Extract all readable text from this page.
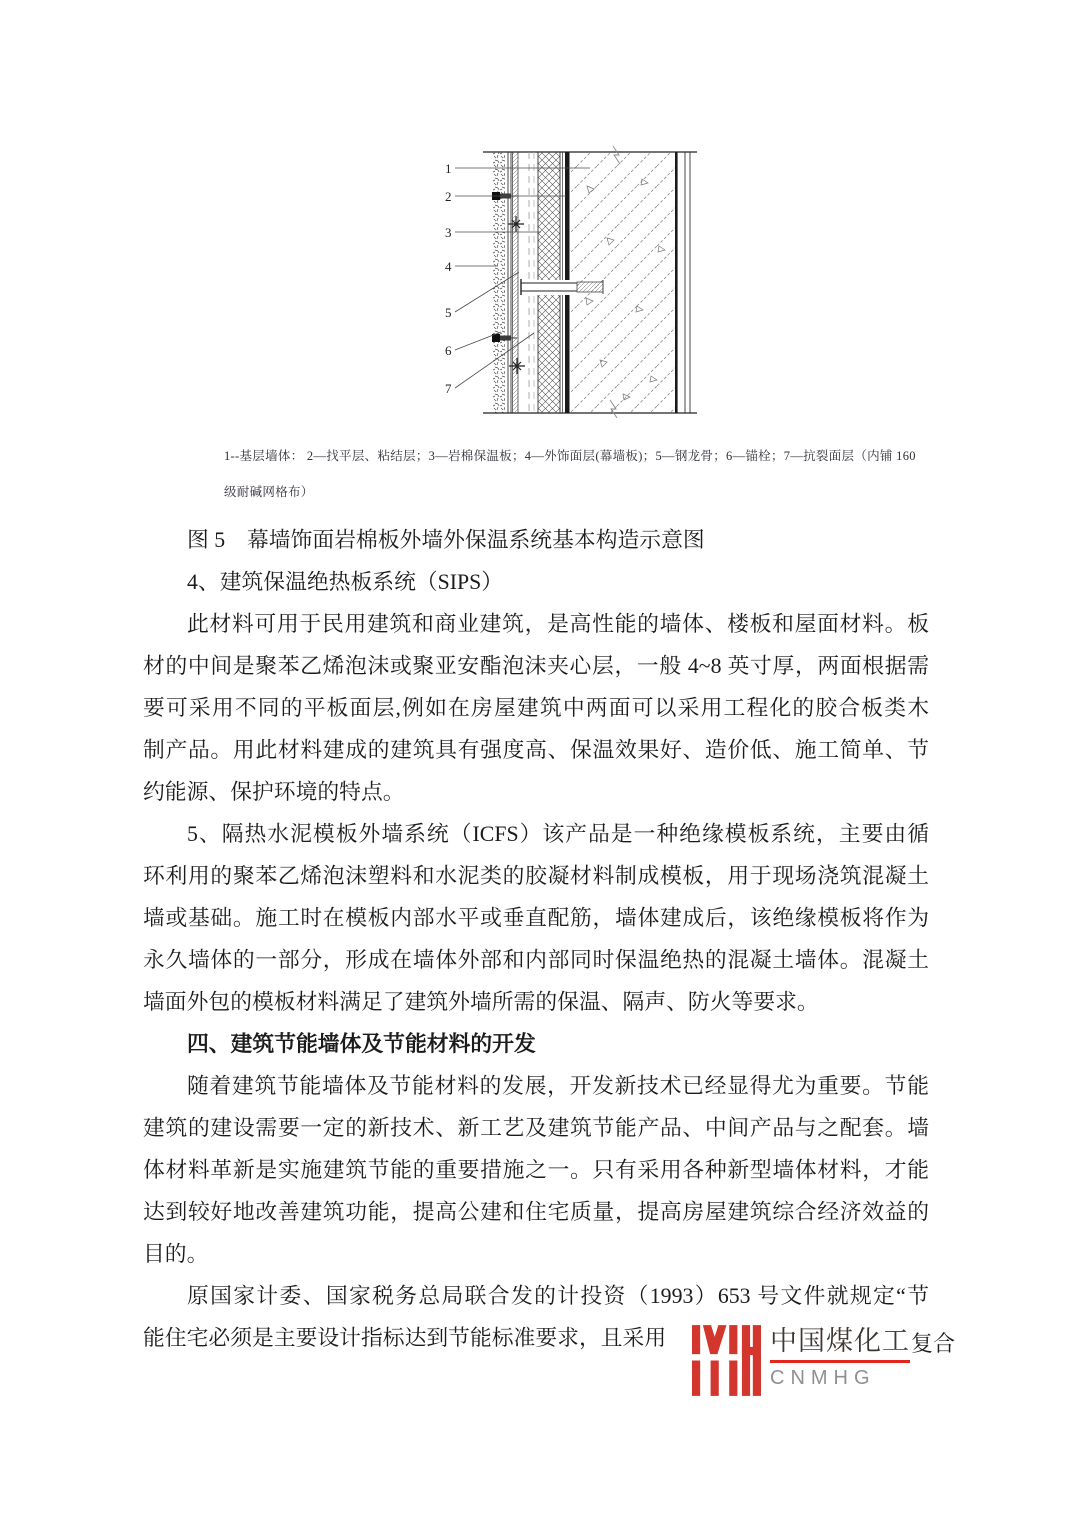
1
2
3
4
5
6
7
1--基层墙体： 2—找平层、粘结层；3—岩棉保温板；4—外饰面层(幕墙板)；5—钢龙骨；6—锚栓；7—抗裂面层（内铺 160
级耐碱网格布）
图 5　幕墙饰面岩棉板外墙外保温系统基本构造示意图
4、建筑保温绝热板系统（SIPS）
此材料可用于民用建筑和商业建筑，是高性能的墙体、楼板和屋面材料。板
材的中间是聚苯乙烯泡沫或聚亚安酯泡沫夹心层，一般 4~8 英寸厚，两面根据需
要可采用不同的平板面层,例如在房屋建筑中两面可以采用工程化的胶合板类木
制产品。用此材料建成的建筑具有强度高、保温效果好、造价低、施工简单、节
约能源、保护环境的特点。
5、隔热水泥模板外墙系统（ICFS）该产品是一种绝缘模板系统，主要由循
环利用的聚苯乙烯泡沫塑料和水泥类的胶凝材料制成模板，用于现场浇筑混凝土
墙或基础。施工时在模板内部水平或垂直配筋，墙体建成后，该绝缘模板将作为
永久墙体的一部分，形成在墙体外部和内部同时保温绝热的混凝土墙体。混凝土
墙面外包的模板材料满足了建筑外墙所需的保温、隔声、防火等要求。
四、建筑节能墙体及节能材料的开发
随着建筑节能墙体及节能材料的发展，开发新技术已经显得尤为重要。节能
建筑的建设需要一定的新技术、新工艺及建筑节能产品、中间产品与之配套。墙
体材料革新是实施建筑节能的重要措施之一。只有采用各种新型墙体材料，才能
达到较好地改善建筑功能，提高公建和住宅质量，提高房屋建筑综合经济效益的
目的。
原国家计委、国家税务总局联合发的计投资（1993）653 号文件就规定“节
能住宅必须是主要设计指标达到节能标准要求，且采用	中国煤化工 复合
CNMHG
